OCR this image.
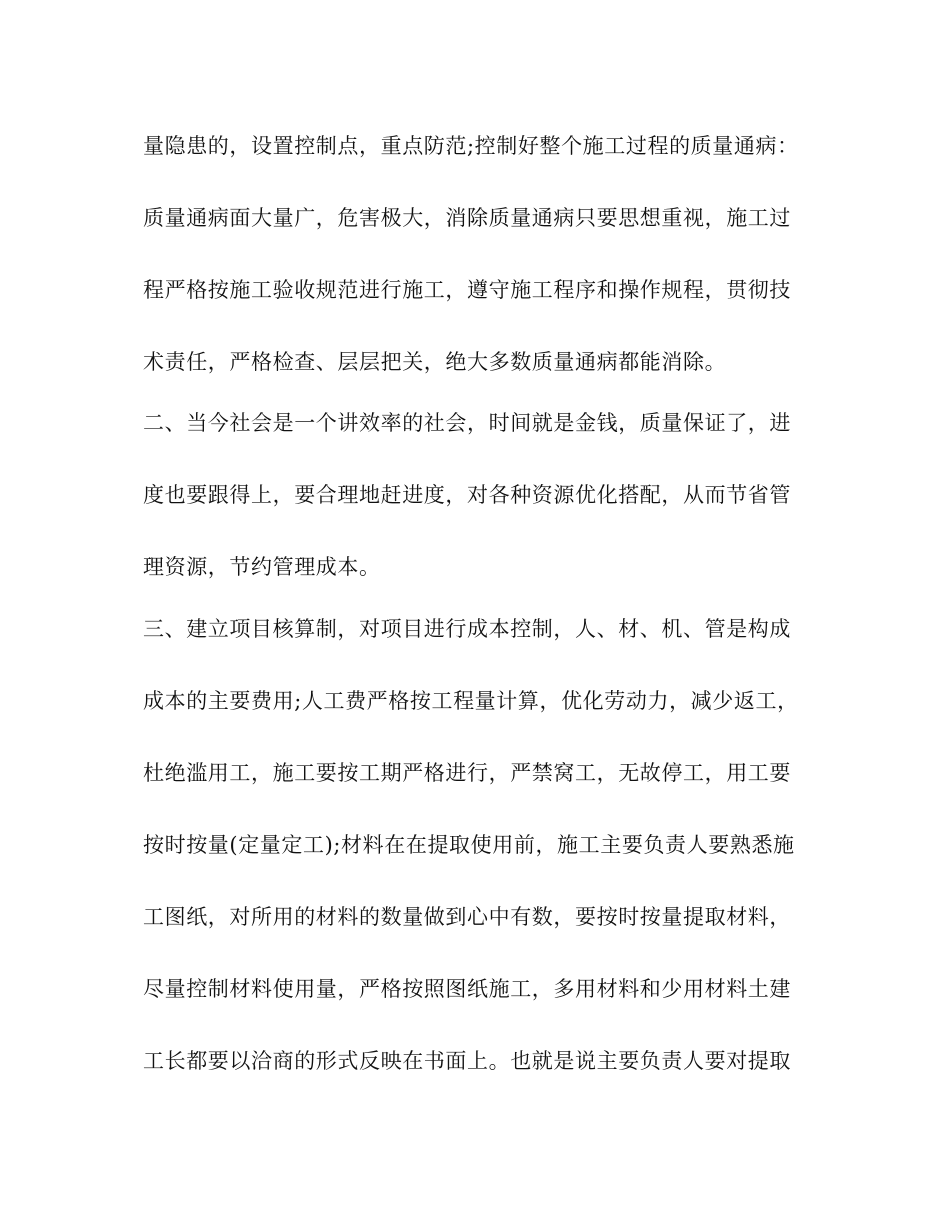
量隐患的，设置控制点，重点防范;控制好整个施工过程的质量通病：
质量通病面大量广，危害极大，消除质量通病只要思想重视，施工过
程严格按施工验收规范进行施工，遵守施工程序和操作规程，贯彻技
术责任，严格检查、层层把关，绝大多数质量通病都能消除。
二、当今社会是一个讲效率的社会，时间就是金钱，质量保证了，进
度也要跟得上，要合理地赶进度，对各种资源优化搭配，从而节省管
理资源，节约管理成本。
三、建立项目核算制，对项目进行成本控制，人、材、机、管是构成
成本的主要费用;人工费严格按工程量计算，优化劳动力，减少返工，
杜绝滥用工，施工要按工期严格进行，严禁窝工，无故停工，用工要
按时按量(定量定工);材料在在提取使用前，施工主要负责人要熟悉施
工图纸，对所用的材料的数量做到心中有数，要按时按量提取材料，
尽量控制材料使用量，严格按照图纸施工，多用材料和少用材料土建
工长都要以洽商的形式反映在书面上。也就是说主要负责人要对提取
